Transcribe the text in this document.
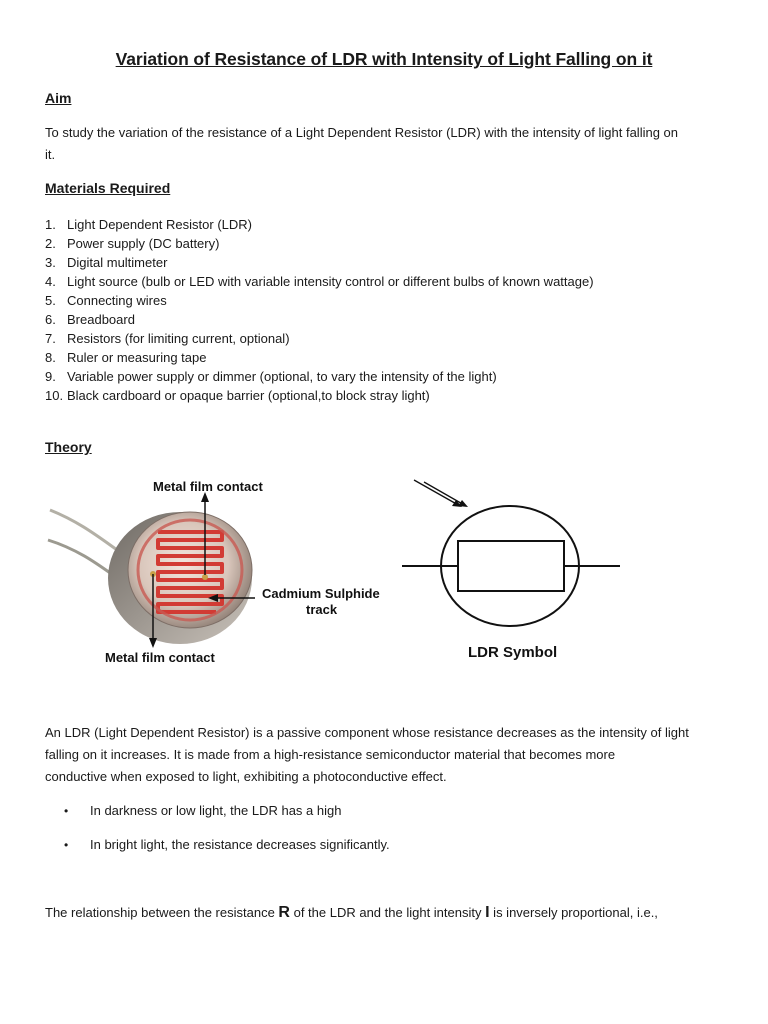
Variation of Resistance of LDR with Intensity of Light Falling on it
Aim
To study the variation of the resistance of a Light Dependent Resistor (LDR) with the intensity of light falling on
it.
Materials Required
1. Light Dependent Resistor (LDR)
2. Power supply (DC battery)
3. Digital multimeter
4. Light source (bulb or LED with variable intensity control or different bulbs of known wattage)
5. Connecting wires
6. Breadboard
7. Resistors (for limiting current, optional)
8. Ruler or measuring tape
9. Variable power supply or dimmer (optional, to vary the intensity of the light)
10. Black cardboard or opaque barrier (optional,to block stray light)
Theory
Metal film contact
Cadmium Sulphide
track
Metal film contact	LDR Symbol
An LDR (Light Dependent Resistor) is a passive component whose resistance decreases as the intensity of light
falling on it increases. It is made from a high-resistance semiconductor material that becomes more
conductive when exposed to light, exhibiting a photoconductive effect.
• In darkness or low light, the LDR has a high
• In bright light, the resistance decreases significantly.
The relationship between the resistance R of the LDR and the light intensity I is inversely proportional, i.e.,
